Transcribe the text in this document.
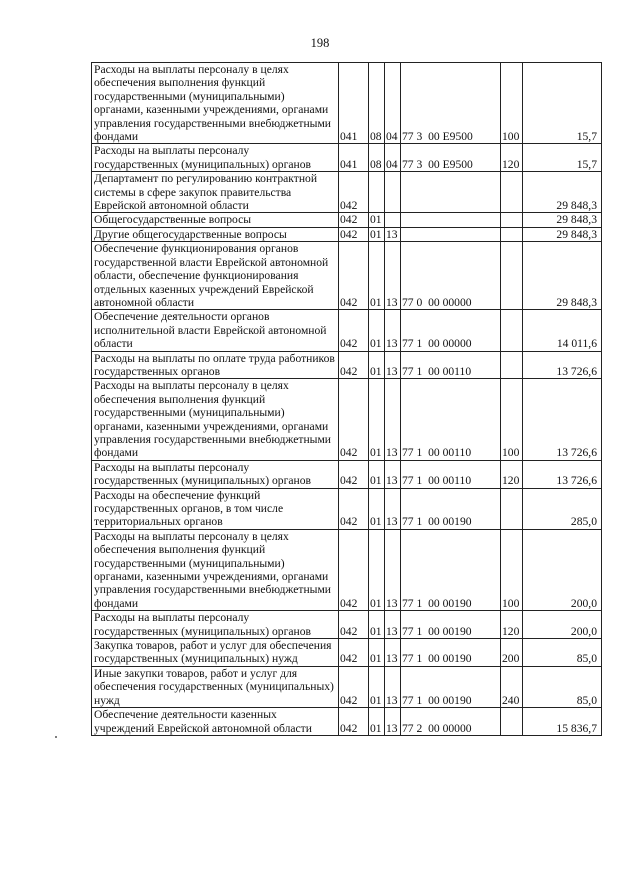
198
Расходы на выплаты персоналу в целях обеспечения выполнения функций государственными (муниципальными) органами, казенными учреждениями, органами управления государственными внебюджетными фондами	041	08	04	77 3  00 E9500	100	15,7
Расходы на выплаты персоналу государственных (муниципальных) органов	041	08	04	77 3  00 E9500	120	15,7
Департамент по регулированию контрактной системы в сфере закупок правительства Еврейской автономной области	042					29 848,3
Общегосударственные вопросы	042	01				29 848,3
Другие общегосударственные вопросы	042	01	13			29 848,3
Обеспечение функционирования органов государственной власти Еврейской автономной области, обеспечение функционирования отдельных казенных учреждений Еврейской автономной области	042	01	13	77 0  00 00000		29 848,3
Обеспечение деятельности органов исполнительной власти Еврейской автономной области	042	01	13	77 1  00 00000		14 011,6
Расходы на выплаты по оплате труда работников государственных органов	042	01	13	77 1  00 00110		13 726,6
Расходы на выплаты персоналу в целях обеспечения выполнения функций государственными (муниципальными) органами, казенными учреждениями, органами управления государственными внебюджетными фондами	042	01	13	77 1  00 00110	100	13 726,6
Расходы на выплаты персоналу государственных (муниципальных) органов	042	01	13	77 1  00 00110	120	13 726,6
Расходы на обеспечение функций государственных органов, в том числе территориальных органов	042	01	13	77 1  00 00190		285,0
Расходы на выплаты персоналу в целях обеспечения выполнения функций государственными (муниципальными) органами, казенными учреждениями, органами управления государственными внебюджетными фондами	042	01	13	77 1  00 00190	100	200,0
Расходы на выплаты персоналу государственных (муниципальных) органов	042	01	13	77 1  00 00190	120	200,0
Закупка товаров, работ и услуг для обеспечения государственных (муниципальных) нужд	042	01	13	77 1  00 00190	200	85,0
Иные закупки товаров, работ и услуг для обеспечения государственных (муниципальных) нужд	042	01	13	77 1  00 00190	240	85,0
Обеспечение деятельности казенных учреждений Еврейской автономной области	042	01	13	77 2  00 00000		15 836,7
